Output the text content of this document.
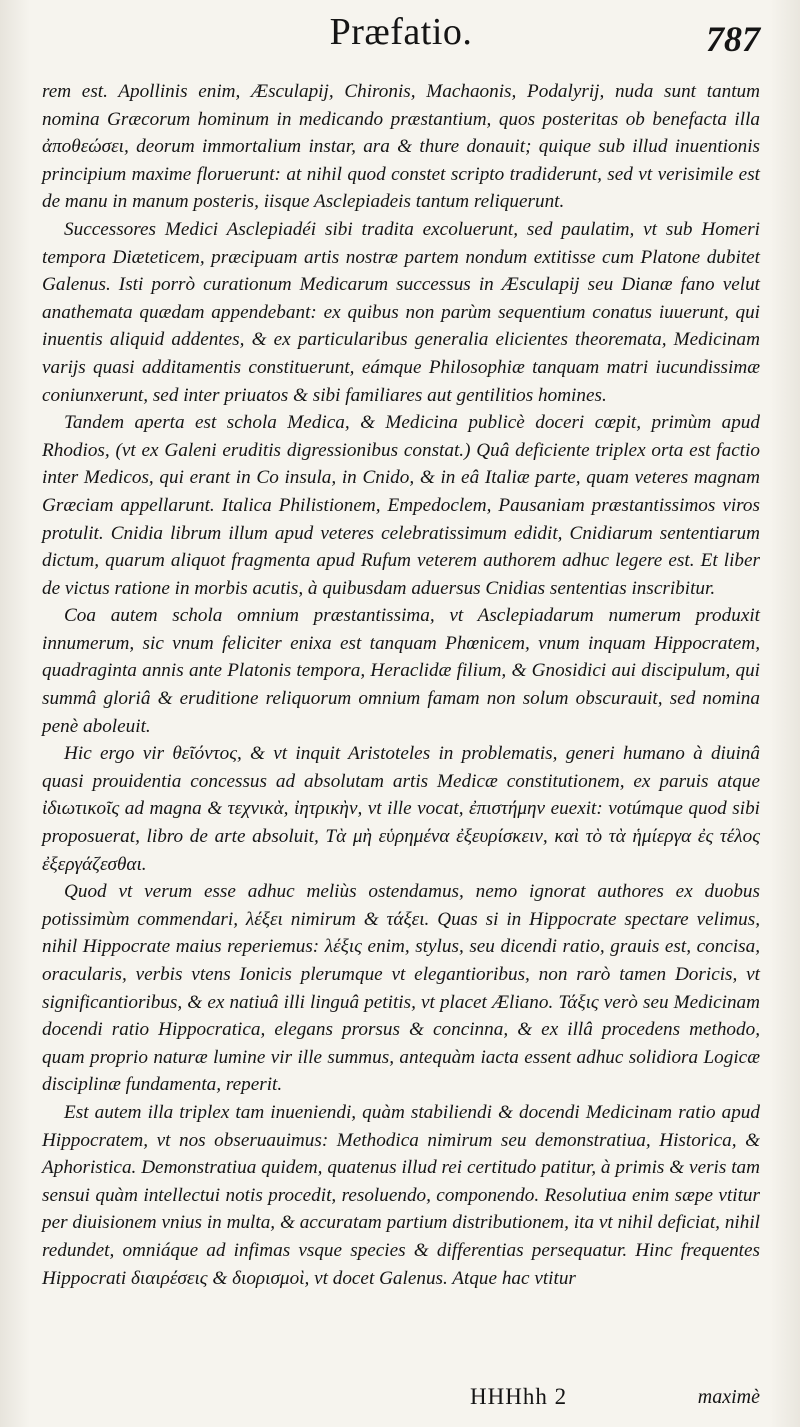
Præfatio.	787

rem est. Apollinis enim, Æsculapij, Chironis, Machaonis, Podalyrij, nuda sunt tantum nomina Græcorum hominum in medicando præstantium, quos posteritas ob benefacta illa ἀποθεώσει, deorum immortalium instar, ara & thure donauit; quique sub illud inuentionis principium maxime floruerunt: at nihil quod constet scripto tradiderunt, sed vt verisimile est de manu in manum posteris, iisque Asclepiadeis tantum reliquerunt.

Successores Medici Asclepiadéi sibi tradita excoluerunt, sed paulatim, vt sub Homeri tempora Diæteticem, præcipuam artis nostræ partem nondum extitisse cum Platone dubitet Galenus. Isti porrò curationum Medicarum successus in Æsculapij seu Dianæ fano velut anathemata quædam appendebant: ex quibus non parùm sequentium conatus iuuerunt, qui inuentis aliquid addentes, & ex particularibus generalia elicientes theoremata, Medicinam varijs quasi additamentis constituerunt, eámque Philosophiæ tanquam matri iucundissimæ coniunxerunt, sed inter priuatos & sibi familiares aut gentilitios homines.

Tandem aperta est schola Medica, & Medicina publicè doceri cœpit, primùm apud Rhodios, (vt ex Galeni eruditis digressionibus constat.) Quâ deficiente triplex orta est factio inter Medicos, qui erant in Co insula, in Cnido, & in eâ Italiæ parte, quam veteres magnam Græciam appellarunt. Italica Philistionem, Empedoclem, Pausaniam præstantissimos viros protulit. Cnidia librum illum apud veteres celebratissimum edidit, Cnidiarum sententiarum dictum, quarum aliquot fragmenta apud Rufum veterem authorem adhuc legere est. Et liber de victus ratione in morbis acutis, à quibusdam aduersus Cnidias sententias inscribitur.

Coa autem schola omnium præstantissima, vt Asclepiadarum numerum produxit innumerum, sic vnum feliciter enixa est tanquam Phœnicem, vnum inquam Hippocratem, quadraginta annis ante Platonis tempora, Heraclidæ filium, & Gnosidici aui discipulum, qui summâ gloriâ & eruditione reliquorum omnium famam non solum obscurauit, sed nomina penè aboleuit.

Hic ergo vir θεῖόντος, & vt inquit Aristoteles in problematis, generi humano à diuinâ quasi prouidentia concessus ad absolutam artis Medicæ constitutionem, ex paruis atque ἰδιωτικοῖς ad magna & τεχνικὰ, ἰητρικὴν, vt ille vocat, ἐπιστήμην euexit: votúmque quod sibi proposuerat, libro de arte absoluit, Τὰ μὴ εὑρημένα ἐξευρίσκειν, καὶ τὸ τὰ ἡμίεργα ἐς τέλος ἐξεργάζεσθαι.

Quod vt verum esse adhuc meliùs ostendamus, nemo ignorat authores ex duobus potissimùm commendari, λέξει nimirum & τάξει. Quas si in Hippocrate spectare velimus, nihil Hippocrate maius reperiemus: λέξις enim, stylus, seu dicendi ratio, grauis est, concisa, oracularis, verbis vtens Ionicis plerumque vt elegantioribus, non rarò tamen Doricis, vt significantioribus, & ex natiuâ illi linguâ petitis, vt placet Æliano. Τάξις verò seu Medicinam docendi ratio Hippocratica, elegans prorsus & concinna, & ex illâ procedens methodo, quam proprio naturæ lumine vir ille summus, antequàm iacta essent adhuc solidiora Logicæ disciplinæ fundamenta, reperit.

Est autem illa triplex tam inueniendi, quàm stabiliendi & docendi Medicinam ratio apud Hippocratem, vt nos obseruauimus: Methodica nimirum seu demonstratiua, Historica, & Aphoristica. Demonstratiua quidem, quatenus illud rei certitudo patitur, à primis & veris tam sensui quàm intellectui notis procedit, resoluendo, componendo. Resolutiua enim sæpe vtitur per diuisionem vnius in multa, & accuratam partium distributionem, ita vt nihil deficiat, nihil redundet, omniáque ad infimas vsque species & differentias persequatur. Hinc frequentes Hippocrati διαιρέσεις & διορισμοὶ, vt docet Galenus. Atque hac vtitur

HHHhh 2	maximè
